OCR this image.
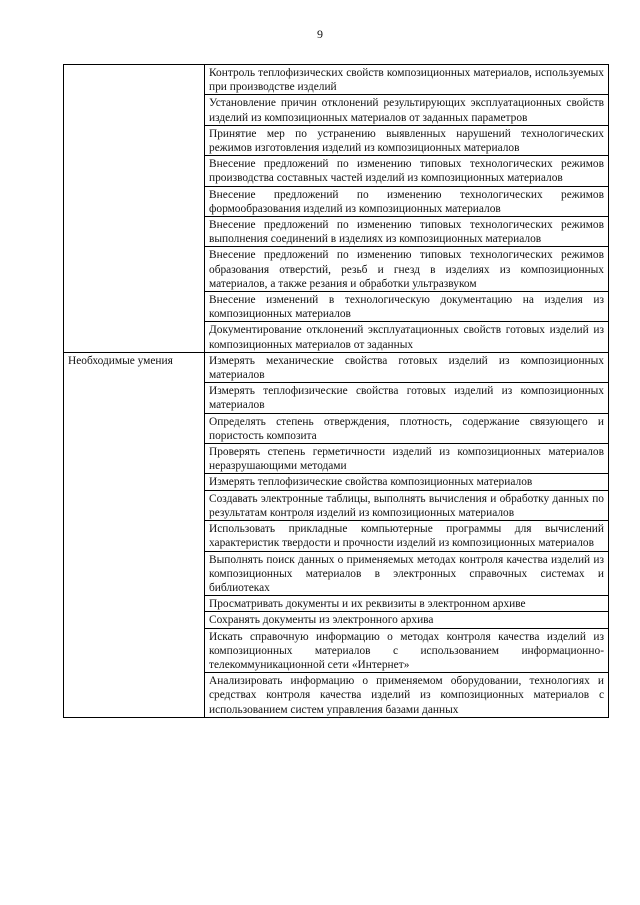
9
	Контроль теплофизических свойств композиционных материалов, используемых при производстве изделий
	Установление причин отклонений результирующих эксплуатационных свойств изделий из композиционных материалов от заданных параметров
	Принятие мер по устранению выявленных нарушений технологических режимов изготовления изделий из композиционных материалов
	Внесение предложений по изменению типовых технологических режимов производства составных частей изделий из композиционных материалов
	Внесение предложений по изменению технологических режимов формообразования изделий из композиционных материалов
	Внесение предложений по изменению типовых технологических режимов выполнения соединений в изделиях из композиционных материалов
	Внесение предложений по изменению типовых технологических режимов образования отверстий, резьб и гнезд в изделиях из композиционных материалов, а также резания и обработки ультразвуком
	Внесение изменений в технологическую документацию на изделия из композиционных материалов
	Документирование отклонений эксплуатационных свойств готовых изделий из композиционных материалов от заданных
Необходимые умения	Измерять механические свойства готовых изделий из композиционных материалов
	Измерять теплофизические свойства готовых изделий из композиционных материалов
	Определять степень отверждения, плотность, содержание связующего и пористость композита
	Проверять степень герметичности изделий из композиционных материалов неразрушающими методами
	Измерять теплофизические свойства композиционных материалов
	Создавать электронные таблицы, выполнять вычисления и обработку данных по результатам контроля изделий из композиционных материалов
	Использовать прикладные компьютерные программы для вычислений характеристик твердости и прочности изделий из композиционных материалов
	Выполнять поиск данных о применяемых методах контроля качества изделий из композиционных материалов в электронных справочных системах и библиотеках
	Просматривать документы и их реквизиты в электронном архиве
	Сохранять документы из электронного архива
	Искать справочную информацию о методах контроля качества изделий из композиционных материалов с использованием информационно-телекоммуникационной сети «Интернет»
	Анализировать информацию о применяемом оборудовании, технологиях и средствах контроля качества изделий из композиционных материалов с использованием систем управления базами данных
